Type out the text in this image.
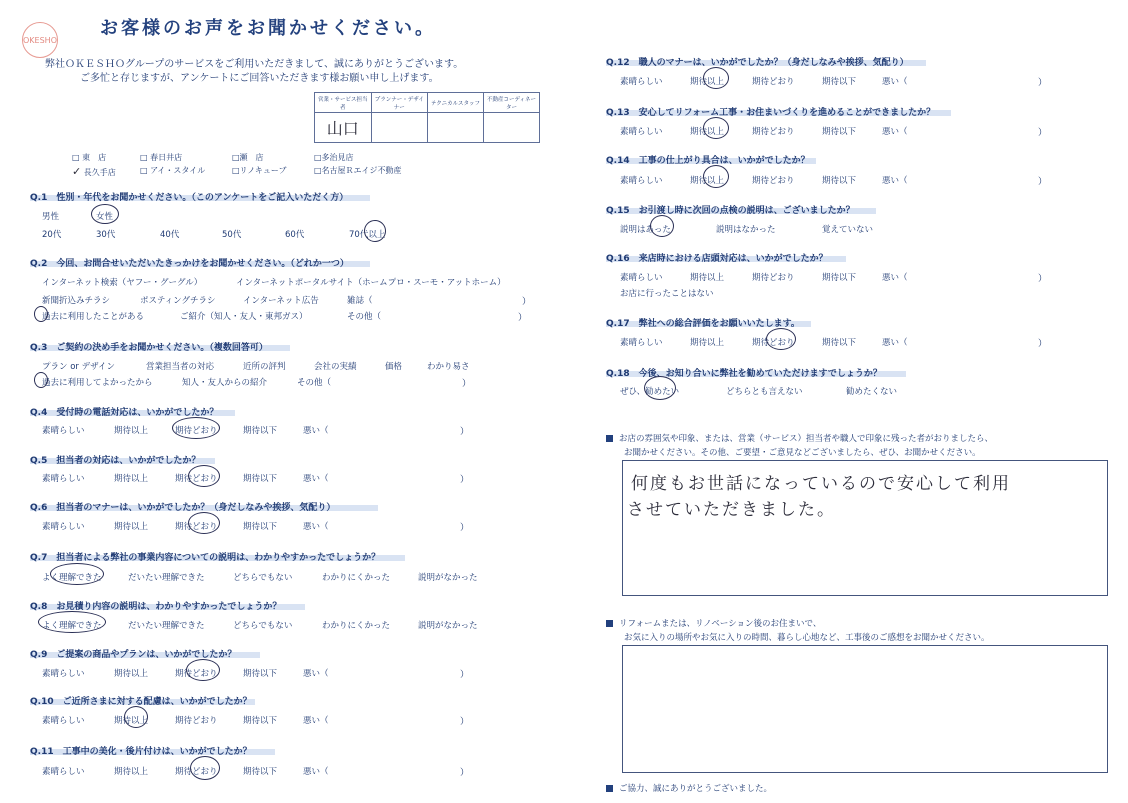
OKESHO
お客様のお声をお聞かせください。
弊社ＯＫＥＳＨＯグループのサービスをご利用いただきまして、誠にありがとうございます。
ご多忙と存じますが、アンケートにご回答いただきます様お願い申し上げます。
営業・サービス担当者	プランナー・デザイナー	テクニカルスタッフ	不動産コーディネーター
山口			
□ 東　店	□ 春日井店	□瀬　店	□多治見店
✓ 長久手店	□ アイ・スタイル	□リノキューブ	□名古屋Ｒエイジ不動産
Q.1　性別・年代をお聞かせください。（このアンケートをご記入いただく方）
男性	女性
20代	30代	40代	50代	60代	70代以上
Q.2　今回、お問合せいただいたきっかけをお聞かせください。（どれか一つ）
インターネット検索（ヤフー・グーグル）	インターネットポータルサイト（ホームプロ・スーモ・アットホーム）
新聞折込みチラシ	ポスティングチラシ	インターネット広告	雑誌（	）
過去に利用したことがある	ご紹介（知人・友人・東邦ガス）	その他（	）
Q.3　ご契約の決め手をお聞かせください。（複数回答可）
プラン or デザイン	営業担当者の対応	近所の評判	会社の実績	価格	わかり易さ
過去に利用してよかったから	知人・友人からの紹介	その他（	）
Q.4　受付時の電話対応は、いかがでしたか？
素晴らしい	期待以上	期待どおり	期待以下	悪い（	）
Q.5　担当者の対応は、いかがでしたか？
素晴らしい	期待以上	期待どおり	期待以下	悪い（	）
Q.6　担当者のマナーは、いかがでしたか？（身だしなみや挨拶、気配り）
素晴らしい	期待以上	期待どおり	期待以下	悪い（	）
Q.7　担当者による弊社の事業内容についての説明は、わかりやすかったでしょうか？
よく理解できた	だいたい理解できた	どちらでもない	わかりにくかった	説明がなかった
Q.8　お見積り内容の説明は、わかりやすかったでしょうか？
よく理解できた	だいたい理解できた	どちらでもない	わかりにくかった	説明がなかった
Q.9　ご提案の商品やプランは、いかがでしたか？
素晴らしい	期待以上	期待どおり	期待以下	悪い（	）
Q.10　ご近所さまに対する配慮は、いかがでしたか？
素晴らしい	期待以上	期待どおり	期待以下	悪い（	）
Q.11　工事中の美化・後片付けは、いかがでしたか？
素晴らしい	期待以上	期待どおり	期待以下	悪い（	）
Q.12　職人のマナーは、いかがでしたか？（身だしなみや挨拶、気配り）
素晴らしい	期待以上	期待どおり	期待以下	悪い（	）
Q.13　安心してリフォーム工事・お住まいづくりを進めることができましたか？
素晴らしい	期待以上	期待どおり	期待以下	悪い（	）
Q.14　工事の仕上がり具合は、いかがでしたか？
素晴らしい	期待以上	期待どおり	期待以下	悪い（	）
Q.15　お引渡し時に次回の点検の説明は、ございましたか？
説明はあった	説明はなかった	覚えていない
Q.16　来店時における店頭対応は、いかがでしたか？
素晴らしい	期待以上	期待どおり	期待以下	悪い（	）
お店に行ったことはない
Q.17　弊社への総合評価をお願いいたします。
素晴らしい	期待以上	期待どおり	期待以下	悪い（	）
Q.18　今後、お知り合いに弊社を勧めていただけますでしょうか？
ぜひ、勧めたい	どちらとも言えない	勧めたくない
お店の雰囲気や印象、または、営業（サービス）担当者や職人で印象に残った者がおりましたら、
お聞かせください。その他、ご要望・ご意見などございましたら、ぜひ、お聞かせください。
何度もお世話になっているので安心して利用
させていただきました。
リフォームまたは、リノベーション後のお住まいで、
お気に入りの場所やお気に入りの時間、暮らし心地など、工事後のご感想をお聞かせください。
ご協力、誠にありがとうございました。
